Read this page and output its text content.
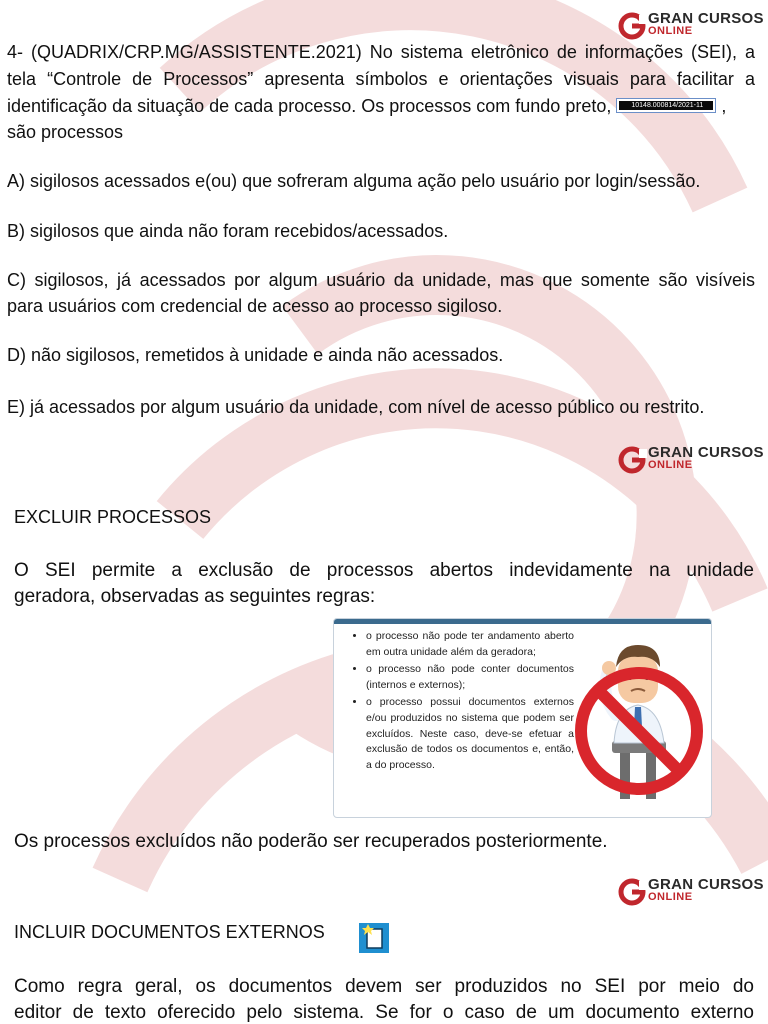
GRAN CURSOS
ONLINE
GRAN CURSOS
ONLINE
GRAN CURSOS
ONLINE
4- (QUADRIX/CRP.MG/ASSISTENTE.2021) No sistema eletrônico de informações (SEI), a
tela “Controle de Processos” apresenta símbolos e orientações visuais para facilitar a
identificação da situação de cada processo. Os processos com fundo preto,	10148.000814/2021-11	,
são processos
A) sigilosos acessados e(ou) que sofreram alguma ação pelo usuário por login/sessão.
B) sigilosos que ainda não foram recebidos/acessados.
C) sigilosos, já acessados por algum usuário da unidade, mas que somente são visíveis
para usuários com credencial de acesso ao processo sigiloso.
D) não sigilosos, remetidos à unidade e ainda não acessados.
E) já acessados por algum usuário da unidade, com nível de acesso público ou restrito.
EXCLUIR PROCESSOS
O SEI permite a exclusão de processos abertos indevidamente na unidade
geradora, observadas as seguintes regras:
• o processo não pode ter andamento aberto em outra unidade além da geradora;
• o processo não pode conter documentos (internos e externos);
• o processo possui documentos externos e/ou produzidos no sistema que podem ser excluídos. Neste caso, deve-se efetuar a exclusão de todos os documentos e, então, a do processo.
Os processos excluídos não poderão ser recuperados posteriormente.
INCLUIR DOCUMENTOS EXTERNOS
Como regra geral, os documentos devem ser produzidos no SEI por meio do
editor de texto oferecido pelo sistema. Se for o caso de um documento externo
